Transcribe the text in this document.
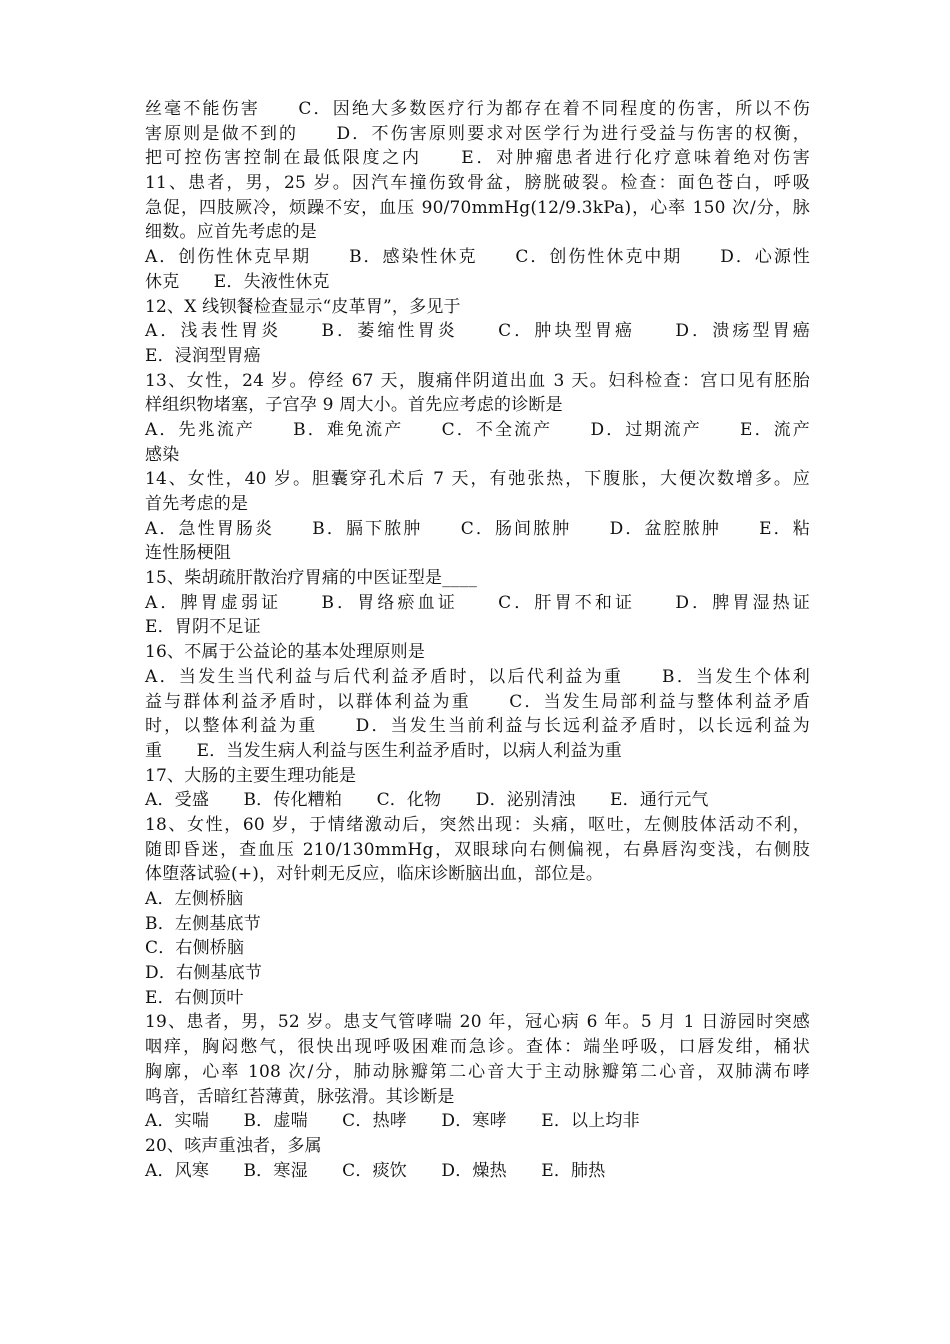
丝毫不能伤害　　C．因绝大多数医疗行为都存在着不同程度的伤害，所以不伤
害原则是做不到的　　D．不伤害原则要求对医学行为进行受益与伤害的权衡，
把可控伤害控制在最低限度之内　　E．对肿瘤患者进行化疗意味着绝对伤害
11、患者，男，25 岁。因汽车撞伤致骨盆，膀胱破裂。检查：面色苍白，呼吸
急促，四肢厥冷，烦躁不安，血压 90/70mmHg(12/9.3kPa)，心率 150 次/分，脉
细数。应首先考虑的是
A．创伤性休克早期　　B．感染性休克　　C．创伤性休克中期　　D．心源性
休克　　E．失液性休克
12、X 线钡餐检查显示“皮革胃”，多见于
A．浅表性胃炎　　B．萎缩性胃炎　　C．肿块型胃癌　　D．溃疡型胃癌
E．浸润型胃癌
13、女性，24 岁。停经 67 天，腹痛伴阴道出血 3 天。妇科检查：宫口见有胚胎
样组织物堵塞，子宫孕 9 周大小。首先应考虑的诊断是
A．先兆流产　　B．难免流产　　C．不全流产　　D．过期流产　　E．流产
感染
14、女性，40 岁。胆囊穿孔术后 7 天，有弛张热，下腹胀，大便次数增多。应
首先考虑的是
A．急性胃肠炎　　B．膈下脓肿　　C．肠间脓肿　　D．盆腔脓肿　　E．粘
连性肠梗阻
15、柴胡疏肝散治疗胃痛的中医证型是____
A．脾胃虚弱证　　B．胃络瘀血证　　C．肝胃不和证　　D．脾胃湿热证
E．胃阴不足证
16、不属于公益论的基本处理原则是
A．当发生当代利益与后代利益矛盾时，以后代利益为重　　B．当发生个体利
益与群体利益矛盾时，以群体利益为重　　C．当发生局部利益与整体利益矛盾
时，以整体利益为重　　D．当发生当前利益与长远利益矛盾时，以长远利益为
重　　E．当发生病人利益与医生利益矛盾时，以病人利益为重
17、大肠的主要生理功能是
A．受盛　　B．传化糟粕　　C．化物　　D．泌别清浊　　E．通行元气
18、女性，60 岁，于情绪激动后，突然出现：头痛，呕吐，左侧肢体活动不利，
随即昏迷，查血压 210/130mmHg，双眼球向右侧偏视，右鼻唇沟变浅，右侧肢
体堕落试验(+)，对针刺无反应，临床诊断脑出血，部位是。
A．左侧桥脑
B．左侧基底节
C．右侧桥脑
D．右侧基底节
E．右侧顶叶
19、患者，男，52 岁。患支气管哮喘 20 年，冠心病 6 年。5 月 1 日游园时突感
咽痒，胸闷憋气，很快出现呼吸困难而急诊。查体：端坐呼吸，口唇发绀，桶状
胸廓，心率 108 次/分，肺动脉瓣第二心音大于主动脉瓣第二心音，双肺满布哮
鸣音，舌暗红苔薄黄，脉弦滑。其诊断是
A．实喘　　B．虚喘　　C．热哮　　D．寒哮　　E．以上均非
20、咳声重浊者，多属
A．风寒　　B．寒湿　　C．痰饮　　D．燥热　　E．肺热
